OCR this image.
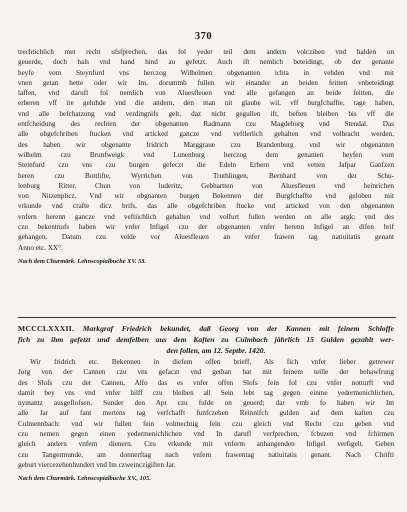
370
trechtichlich met recht ufsfprechen, das fol yeder teil dem andern volczihen vnd halden on
geuerde, doch hals vnd hand hind au gefetzt. Auch ift nemlich beteidingt, ob der genante
heyfe vom Steynfurd vns herczog Wilhelmen obgenanten ichta in vehden vnd mit
vnen getan hette oder wir Im, dorummb fullen wir einander an beiden feitten vnbeteidingt
laffen, vnd darufl fol nemlich von Aluesfleuen vnd alle gefangen an beide feitten, die
erberen vff ire geluhde vnd die andern, den man nit glaube wil, vff burgfchaffte, tage haben,
vnd alle befchatzung vnd verdingnifs gelt, daz nicht gegullen ift, beften bleiben bis vff die
entfcheidung des rechten der obgenanten Radmann czu Magdeburg vnd Stendal. Das
alle obgefchriben ftucken vnd articked gancze vnd veftlerlich gehalten vnd volbracht werden,
des haben wir obgenante fridrich Marggraue czu Brandenburg vnd wir obgenanten
wilhelm czu Brunfweigk vnd Lunenburg herczog dem genanten heyfen vom
Steinfurd czu vns czu burgen gefeczt die Edeln Erbern vnd vetten Jafpar Ganfzen
heren czu Bottlifte, Wyrrichen von Truthlingen, Bernhard von der Schu-
lenburg Ritter, Chun von luderitz, Gebhartten von Aluesfleuen vnd heinrichen
von Nitzenplicz. Vnd wir obgnanten burgen Bekennen der Burgfchaffte vnd geloben mit
vrkunde vnd crafte dicz brifs, das alle obgefchriben ftucke vnd articked von den obgenanten
vnfern herenn gancze vnd veftiichlich gehalten vnd volfurt fullen werden on alle argk: vnd des
czu bekentnufs haben wir vnfer Infigel czu der obgenanten vnfer herenn Infigel an difen brif
gehangen. Datum czu velde vor Aluesfleuen an vnfer frawen tag natiuitatis genant
Anno etc. XX°.
Nach dem Churmärk. Lehnscopialbuche XV. 53.
MCCCLXXXII. Markgraf Friedrich bekundet, daß Georg von der Kannen mit feinem Schloffe
fich zu ihm gefetzt und demfelben aus dem Kaften zu Culmbach jährlich 15 Gulden gezahlt wer-
den follen, am 12. Septbr. 1420.
Wir fridrich etc. Bekennen in diefem offen brieff, Als fich vnfer lieber getrewer
Jorg von der Cannen czu vns gefaczt vnd gethan hat mit feinem teille der behawfrung
des Slofs czu der Cannen, Alfo das es vnfer offen Slofs fein fol czu vnfer notturft vnd
damit bey vns vnd vnfer hilff czu bleiben all Sein lebt tag gegen einme yedermenichlichen,
nymantz ausgeflofsen, Sunder den Apt czu fulde on geuerd; dar vmb fo haben wir Im
alle Jar auf fant mertens tag verfchafft funfczehen Reinnifch gulden auf dem kaften czu
Culmennbach: vnd wir fullen fein volmechtig fein czu gleich vnd Recht czu geben vnd
czu nemen gegen einen yedermenichlichen vnd In darufl verfprechen, fcbuzen vnd fchirmen
gleich andern vnfern dienern. Czu vrkunde mit vnferm anhangenden Infigel verfigelt. Geben
czu Tangermunde, am donnerftag nach vnfern frawentag natiuitatis genant. Nach Chrifti
geburt viercezehenhundert vnd Im czweinczigiften Jar.
Nach dem Churmärk. Lehnscopialbuche XV., 105.
